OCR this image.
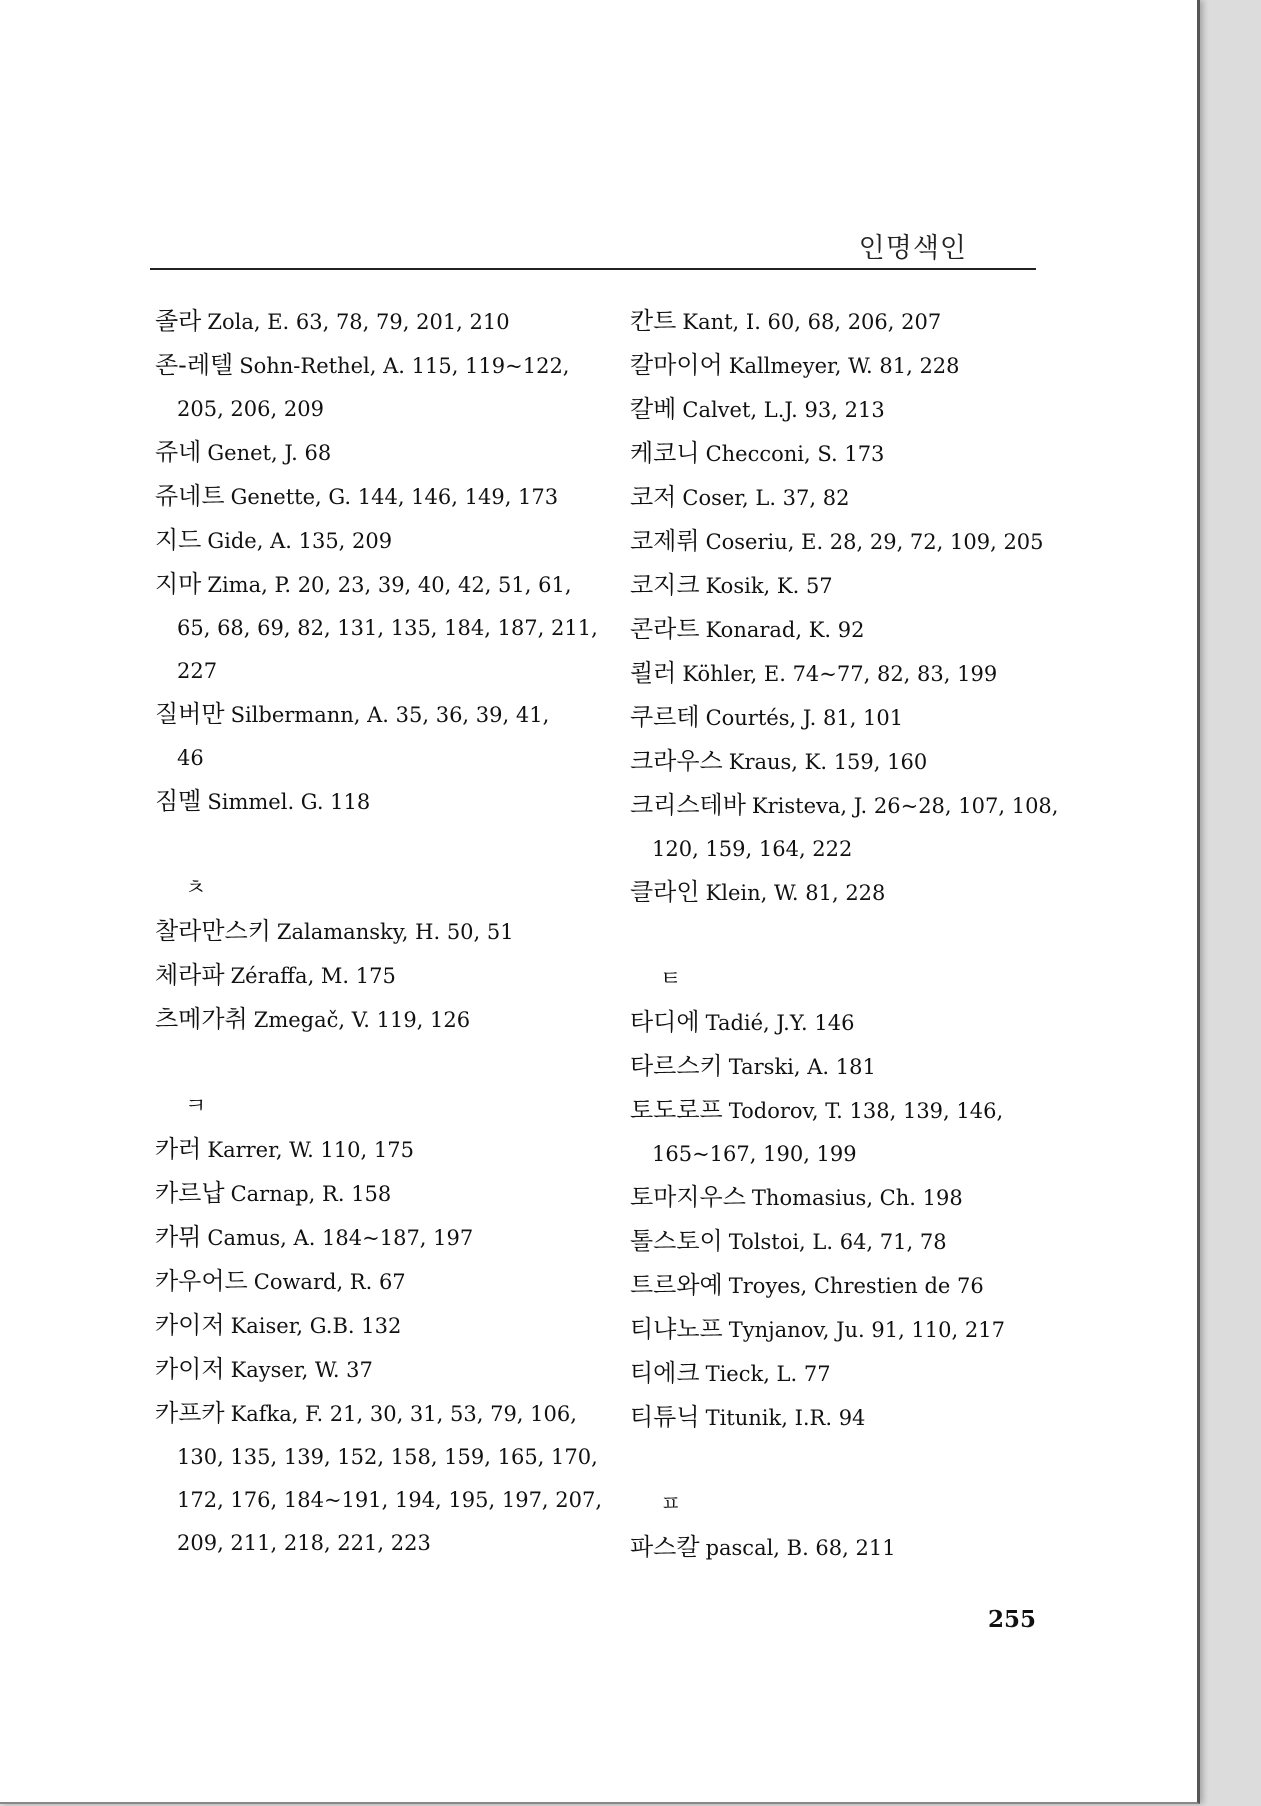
인명색인
졸라 Zola, E. 63, 78, 79, 201, 210
존-레텔 Sohn-Rethel, A. 115, 119~122,
205, 206, 209
쥬네 Genet, J. 68
쥬네트 Genette, G. 144, 146, 149, 173
지드 Gide, A. 135, 209
지마 Zima, P. 20, 23, 39, 40, 42, 51, 61,
65, 68, 69, 82, 131, 135, 184, 187, 211,
227
질버만 Silbermann, A. 35, 36, 39, 41,
46
짐멜 Simmel. G. 118
ㅊ
찰라만스키 Zalamansky, H. 50, 51
체라파 Zéraffa, M. 175
츠메가취 Zmegač, V. 119, 126
ㅋ
카러 Karrer, W. 110, 175
카르납 Carnap, R. 158
카뮈 Camus, A. 184~187, 197
카우어드 Coward, R. 67
카이저 Kaiser, G.B. 132
카이저 Kayser, W. 37
카프카 Kafka, F. 21, 30, 31, 53, 79, 106,
130, 135, 139, 152, 158, 159, 165, 170,
172, 176, 184~191, 194, 195, 197, 207,
209, 211, 218, 221, 223
칸트 Kant, I. 60, 68, 206, 207
칼마이어 Kallmeyer, W. 81, 228
칼베 Calvet, L.J. 93, 213
케코니 Checconi, S. 173
코저 Coser, L. 37, 82
코제뤼 Coseriu, E. 28, 29, 72, 109, 205
코지크 Kosik, K. 57
콘라트 Konarad, K. 92
쾰러 Köhler, E. 74~77, 82, 83, 199
쿠르테 Courtés, J. 81, 101
크라우스 Kraus, K. 159, 160
크리스테바 Kristeva, J. 26~28, 107, 108,
120, 159, 164, 222
클라인 Klein, W. 81, 228
ㅌ
타디에 Tadié, J.Y. 146
타르스키 Tarski, A. 181
토도로프 Todorov, T. 138, 139, 146,
165~167, 190, 199
토마지우스 Thomasius, Ch. 198
톨스토이 Tolstoi, L. 64, 71, 78
트르와예 Troyes, Chrestien de 76
티냐노프 Tynjanov, Ju. 91, 110, 217
티에크 Tieck, L. 77
티튜닉 Titunik, I.R. 94
ㅍ
파스칼 pascal, B. 68, 211
255
